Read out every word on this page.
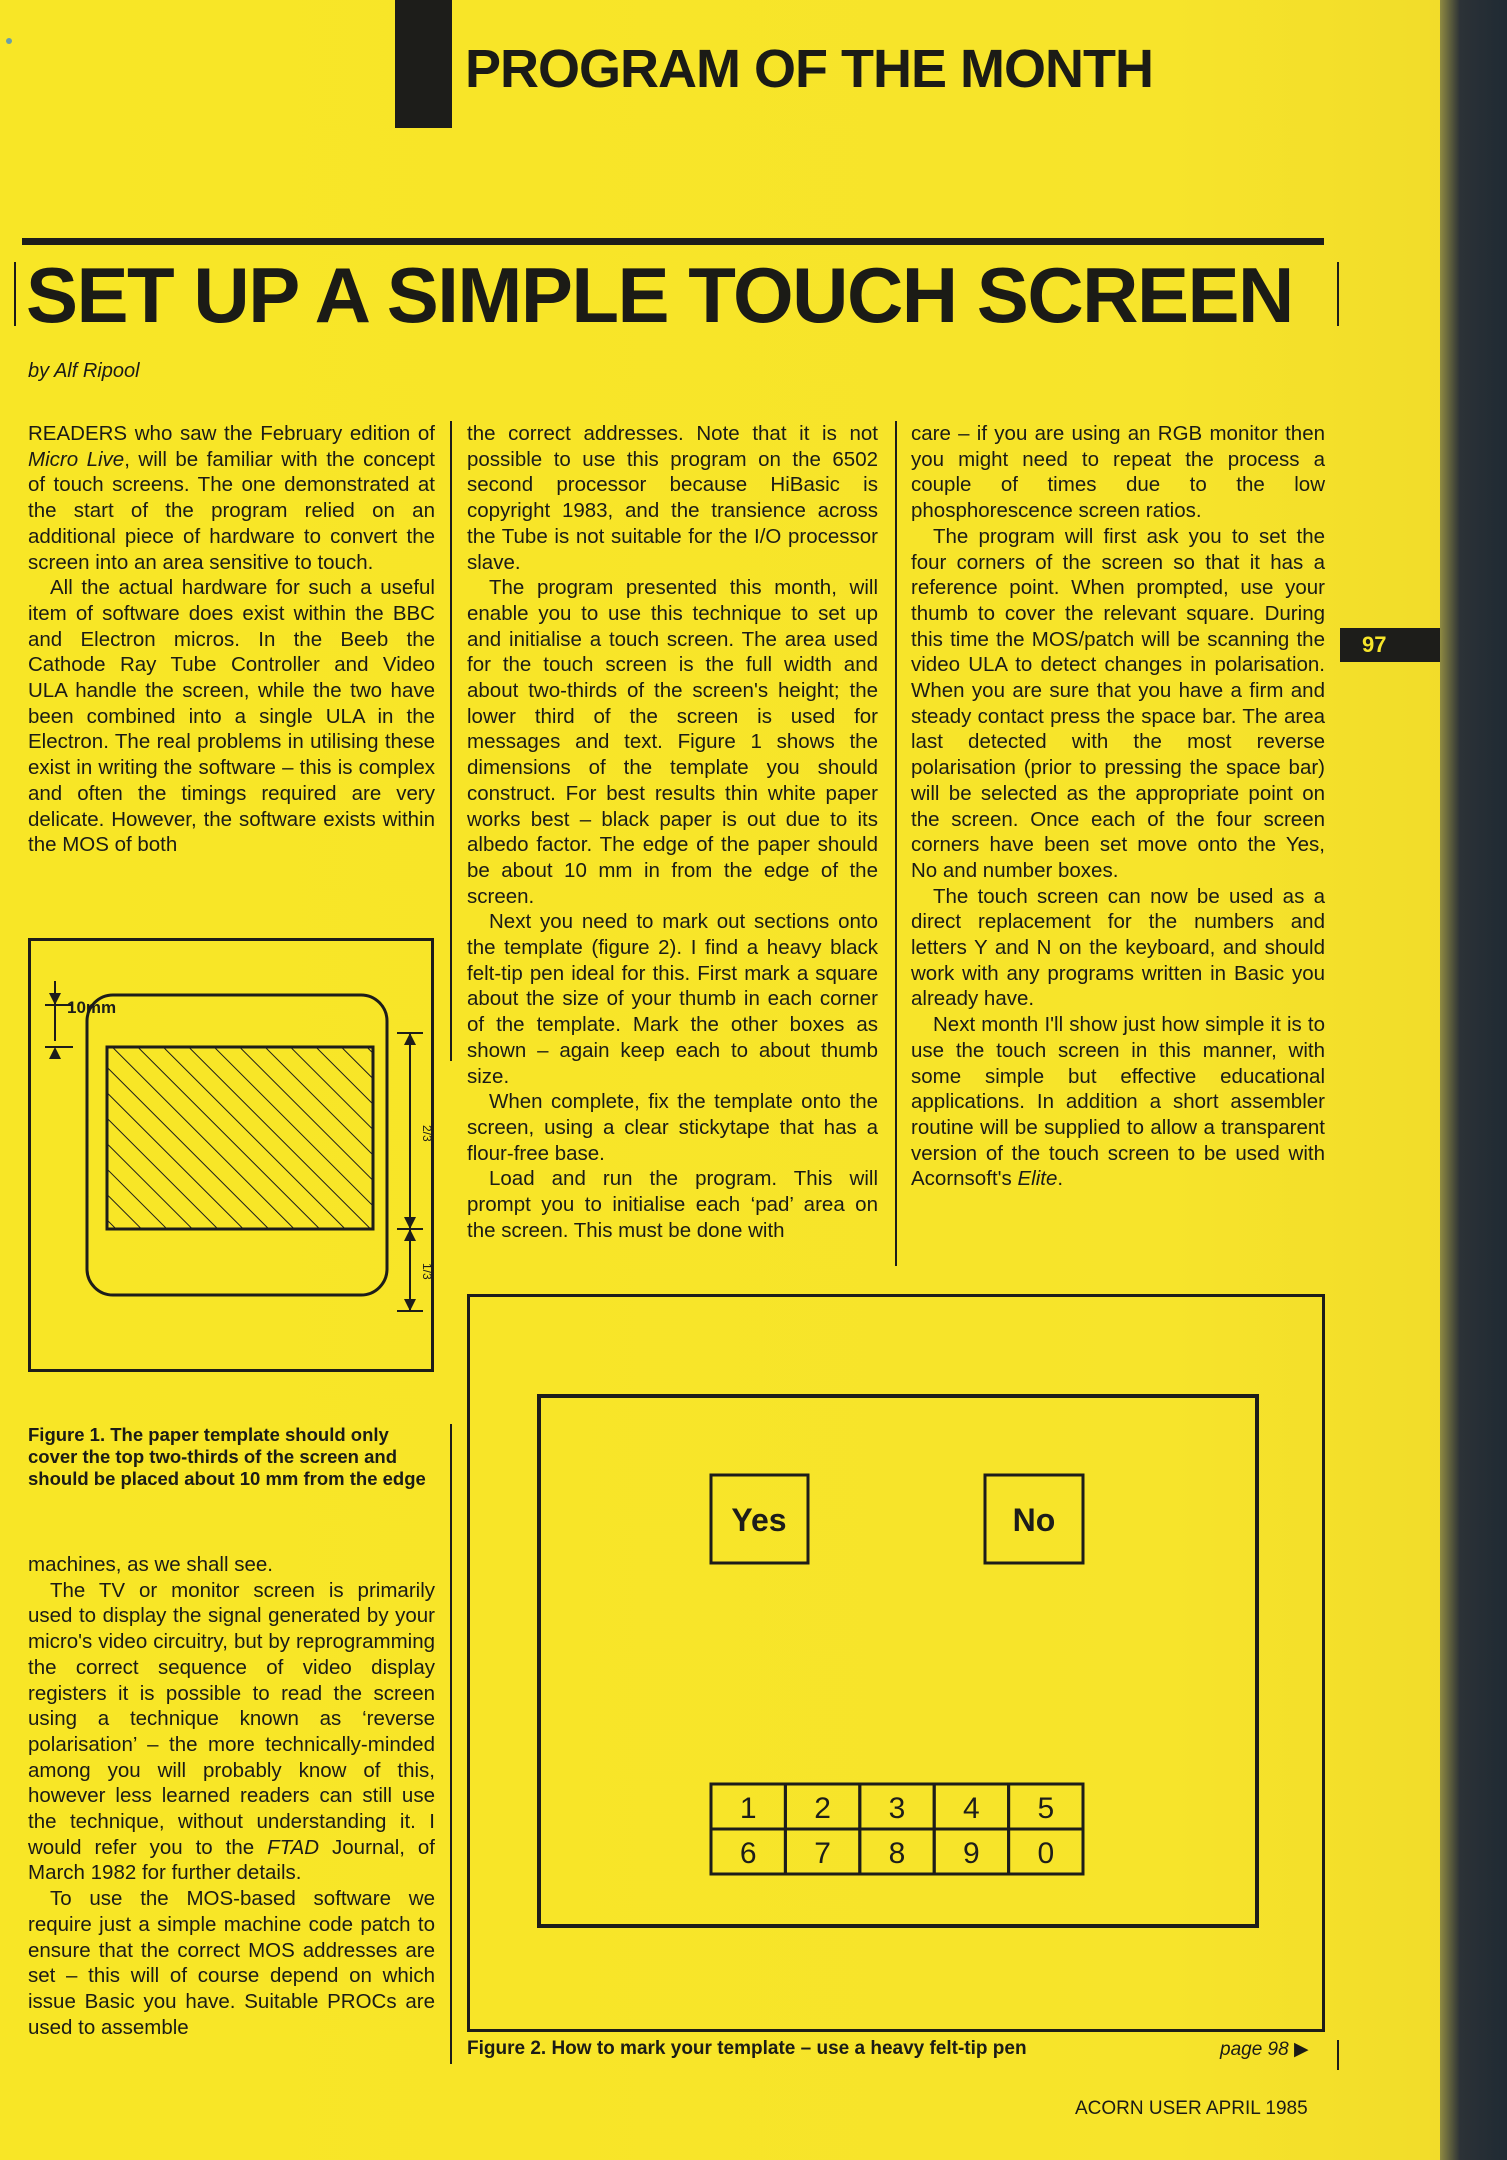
PROGRAM OF THE MONTH
SET UP A SIMPLE TOUCH SCREEN
by Alf Ripool
97

READERS who saw the February edition of Micro Live, will be familiar with the concept of touch screens. The one demonstrated at the start of the program relied on an additional piece of hardware to convert the screen into an area sensitive to touch.

All the actual hardware for such a useful item of software does exist within the BBC and Electron micros. In the Beeb the Cathode Ray Tube Controller and Video ULA handle the screen, while the two have been combined into a single ULA in the Electron. The real problems in utilising these exist in writing the software – this is complex and often the timings required are very delicate. However, the software exists within the MOS of both

10mm
2/3
1/3
Figure 1. The paper template should only cover the top two-thirds of the screen and should be placed about 10 mm from the edge

machines, as we shall see.

The TV or monitor screen is primarily used to display the signal generated by your micro's video circuitry, but by reprogramming the correct sequence of video display registers it is possible to read the screen using a technique known as ‘reverse polarisation’ – the more technically-minded among you will probably know of this, however less learned readers can still use the technique, without understanding it. I would refer you to the FTAD Journal, of March 1982 for further details.

To use the MOS-based software we require just a simple machine code patch to ensure that the correct MOS addresses are set – this will of course depend on which issue Basic you have. Suitable PROCs are used to assemble

the correct addresses. Note that it is not possible to use this program on the 6502 second processor because HiBasic is copyright 1983, and the transience across the Tube is not suitable for the I/O processor slave.

The program presented this month, will enable you to use this technique to set up and initialise a touch screen. The area used for the touch screen is the full width and about two-thirds of the screen's height; the lower third of the screen is used for messages and text. Figure 1 shows the dimensions of the template you should construct. For best results thin white paper works best – black paper is out due to its albedo factor. The edge of the paper should be about 10 mm in from the edge of the screen.

Next you need to mark out sections onto the template (figure 2). I find a heavy black felt-tip pen ideal for this. First mark a square about the size of your thumb in each corner of the template. Mark the other boxes as shown – again keep each to about thumb size.

When complete, fix the template onto the screen, using a clear stickytape that has a flour-free base.

Load and run the program. This will prompt you to initialise each ‘pad’ area on the screen. This must be done with

care – if you are using an RGB monitor then you might need to repeat the process a couple of times due to the low phosphorescence screen ratios.

The program will first ask you to set the four corners of the screen so that it has a reference point. When prompted, use your thumb to cover the relevant square. During this time the MOS/patch will be scanning the video ULA to detect changes in polarisation. When you are sure that you have a firm and steady contact press the space bar. The area last detected with the most reverse polarisation (prior to pressing the space bar) will be selected as the appropriate point on the screen. Once each of the four screen corners have been set move onto the Yes, No and number boxes.

The touch screen can now be used as a direct replacement for the numbers and letters Y and N on the keyboard, and should work with any programs written in Basic you already have.

Next month I'll show just how simple it is to use the touch screen in this manner, with some simple but effective educational applications. In addition a short assembler routine will be supplied to allow a transparent version of the touch screen to be used with Acornsoft's Elite.

Yes	No
1 2 3 4 5
6 7 8 9 0
Figure 2. How to mark your template – use a heavy felt-tip pen	page 98 ▶
ACORN USER APRIL 1985
